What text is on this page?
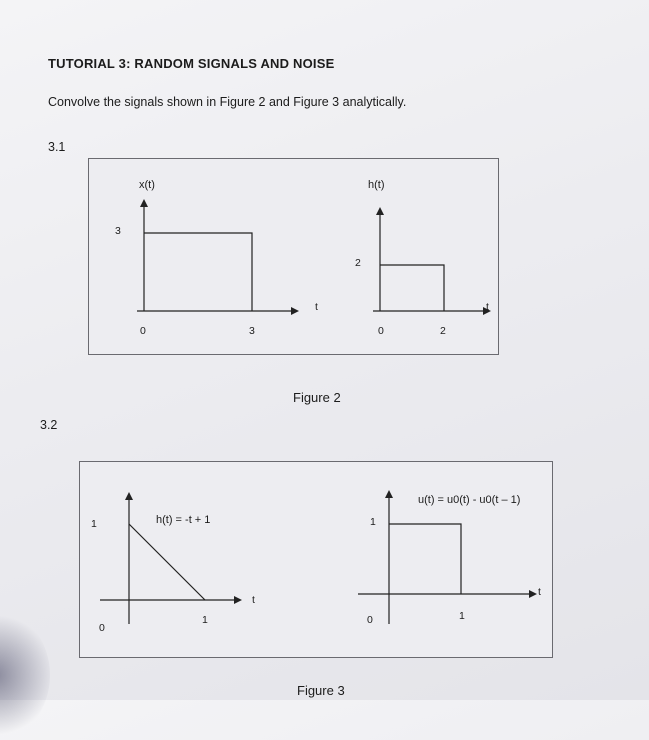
TUTORIAL 3: RANDOM SIGNALS AND NOISE

Convolve the signals shown in Figure 2 and Figure 3 analytically.

3.1

x(t)
3
0	3
t
h(t)
2
0	2
t

Figure 2

3.2

h(t) = -t + 1
1
0
1
t
u(t) = u0(t) - u0(t – 1)
1
0	1
t

Figure 3
